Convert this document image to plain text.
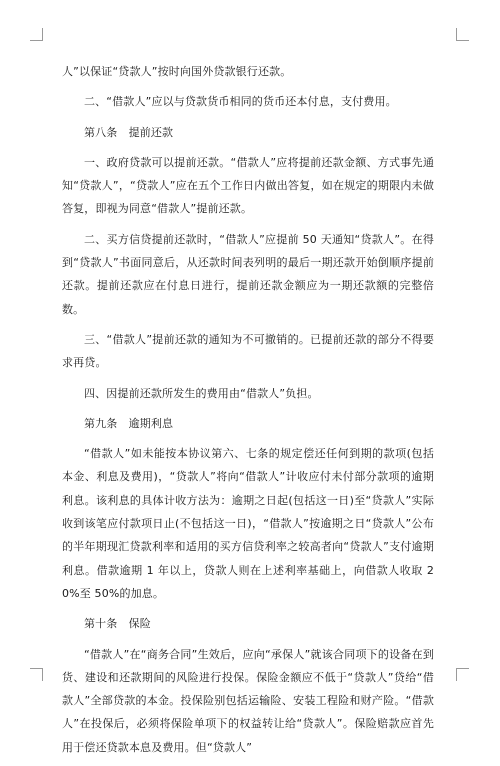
人”以保证“贷款人”按时向国外贷款银行还款。

二、“借款人”应以与贷款货币相同的货币还本付息，支付费用。

第八条　提前还款

一、政府贷款可以提前还款。“借款人”应将提前还款金额、方式事先通知“贷款人”，“贷款人”应在五个工作日内做出答复，如在规定的期限内未做答复，即视为同意“借款人”提前还款。

二、买方信贷提前还款时，“借款人”应提前 50 天通知“贷款人”。在得到“贷款人”书面同意后，从还款时间表列明的最后一期还款开始倒顺序提前还款。提前还款应在付息日进行，提前还款金额应为一期还款额的完整倍数。

三、“借款人”提前还款的通知为不可撤销的。已提前还款的部分不得要求再贷。

四、因提前还款所发生的费用由“借款人”负担。

第九条　逾期利息

“借款人”如未能按本协议第六、七条的规定偿还任何到期的款项(包括本金、利息及费用)，“贷款人”将向“借款人”计收应付未付部分款项的逾期利息。该利息的具体计收方法为：逾期之日起(包括这一日)至“贷款人”实际收到该笔应付款项日止(不包括这一日)，“借款人”按逾期之日“贷款人”公布的半年期现汇贷款利率和适用的买方信贷利率之较高者向“贷款人”支付逾期利息。借款逾期 1 年以上，贷款人则在上述利率基础上，向借款人收取 20%至 50%的加息。

第十条　保险

“借款人”在“商务合同”生效后，应向“承保人”就该合同项下的设备在到货、建设和还款期间的风险进行投保。保险金额应不低于“贷款人”贷给“借款人”全部贷款的本金。投保险别包括运输险、安装工程险和财产险。“借款人”在投保后，必须将保险单项下的权益转让给“贷款人”。保险赔款应首先用于偿还贷款本息及费用。但“贷款人”
